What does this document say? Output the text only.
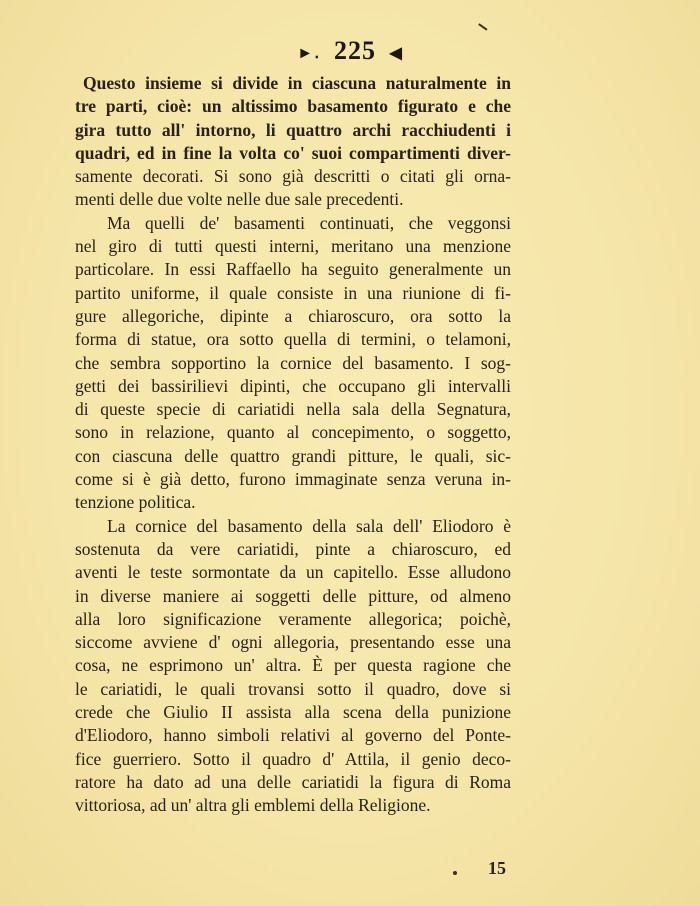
►․ 225 ◀
Questo insieme si divide in ciascuna naturalmente in
tre parti, cioè: un altissimo basamento figurato e che
gira tutto all' intorno, li quattro archi racchiudenti i
quadri, ed in fine la volta co' suoi compartimenti diver-
samente decorati. Si sono già descritti o citati gli orna-
menti delle due volte nelle due sale precedenti.
Ma quelli de' basamenti continuati, che veggonsi
nel giro di tutti questi interni, meritano una menzione
particolare. In essi Raffaello ha seguito generalmente un
partito uniforme, il quale consiste in una riunione di fi-
gure allegoriche, dipinte a chiaroscuro, ora sotto la
forma di statue, ora sotto quella di termini, o telamoni,
che sembra sopportino la cornice del basamento. I sog-
getti dei bassirilievi dipinti, che occupano gli intervalli
di queste specie di cariatidi nella sala della Segnatura,
sono in relazione, quanto al concepimento, o soggetto,
con ciascuna delle quattro grandi pitture, le quali, sic-
come si è già detto, furono immaginate senza veruna in-
tenzione politica.
La cornice del basamento della sala dell' Eliodoro è
sostenuta da vere cariatidi, pinte a chiaroscuro, ed
aventi le teste sormontate da un capitello. Esse alludono
in diverse maniere ai soggetti delle pitture, od almeno
alla loro significazione veramente allegorica; poichè,
siccome avviene d' ogni allegoria, presentando esse una
cosa, ne esprimono un' altra. È per questa ragione che
le cariatidi, le quali trovansi sotto il quadro, dove si
crede che Giulio II assista alla scena della punizione
d'Eliodoro, hanno simboli relativi al governo del Ponte-
fice guerriero. Sotto il quadro d' Attila, il genio deco-
ratore ha dato ad una delle cariatidi la figura di Roma
vittoriosa, ad un' altra gli emblemi della Religione.
15
